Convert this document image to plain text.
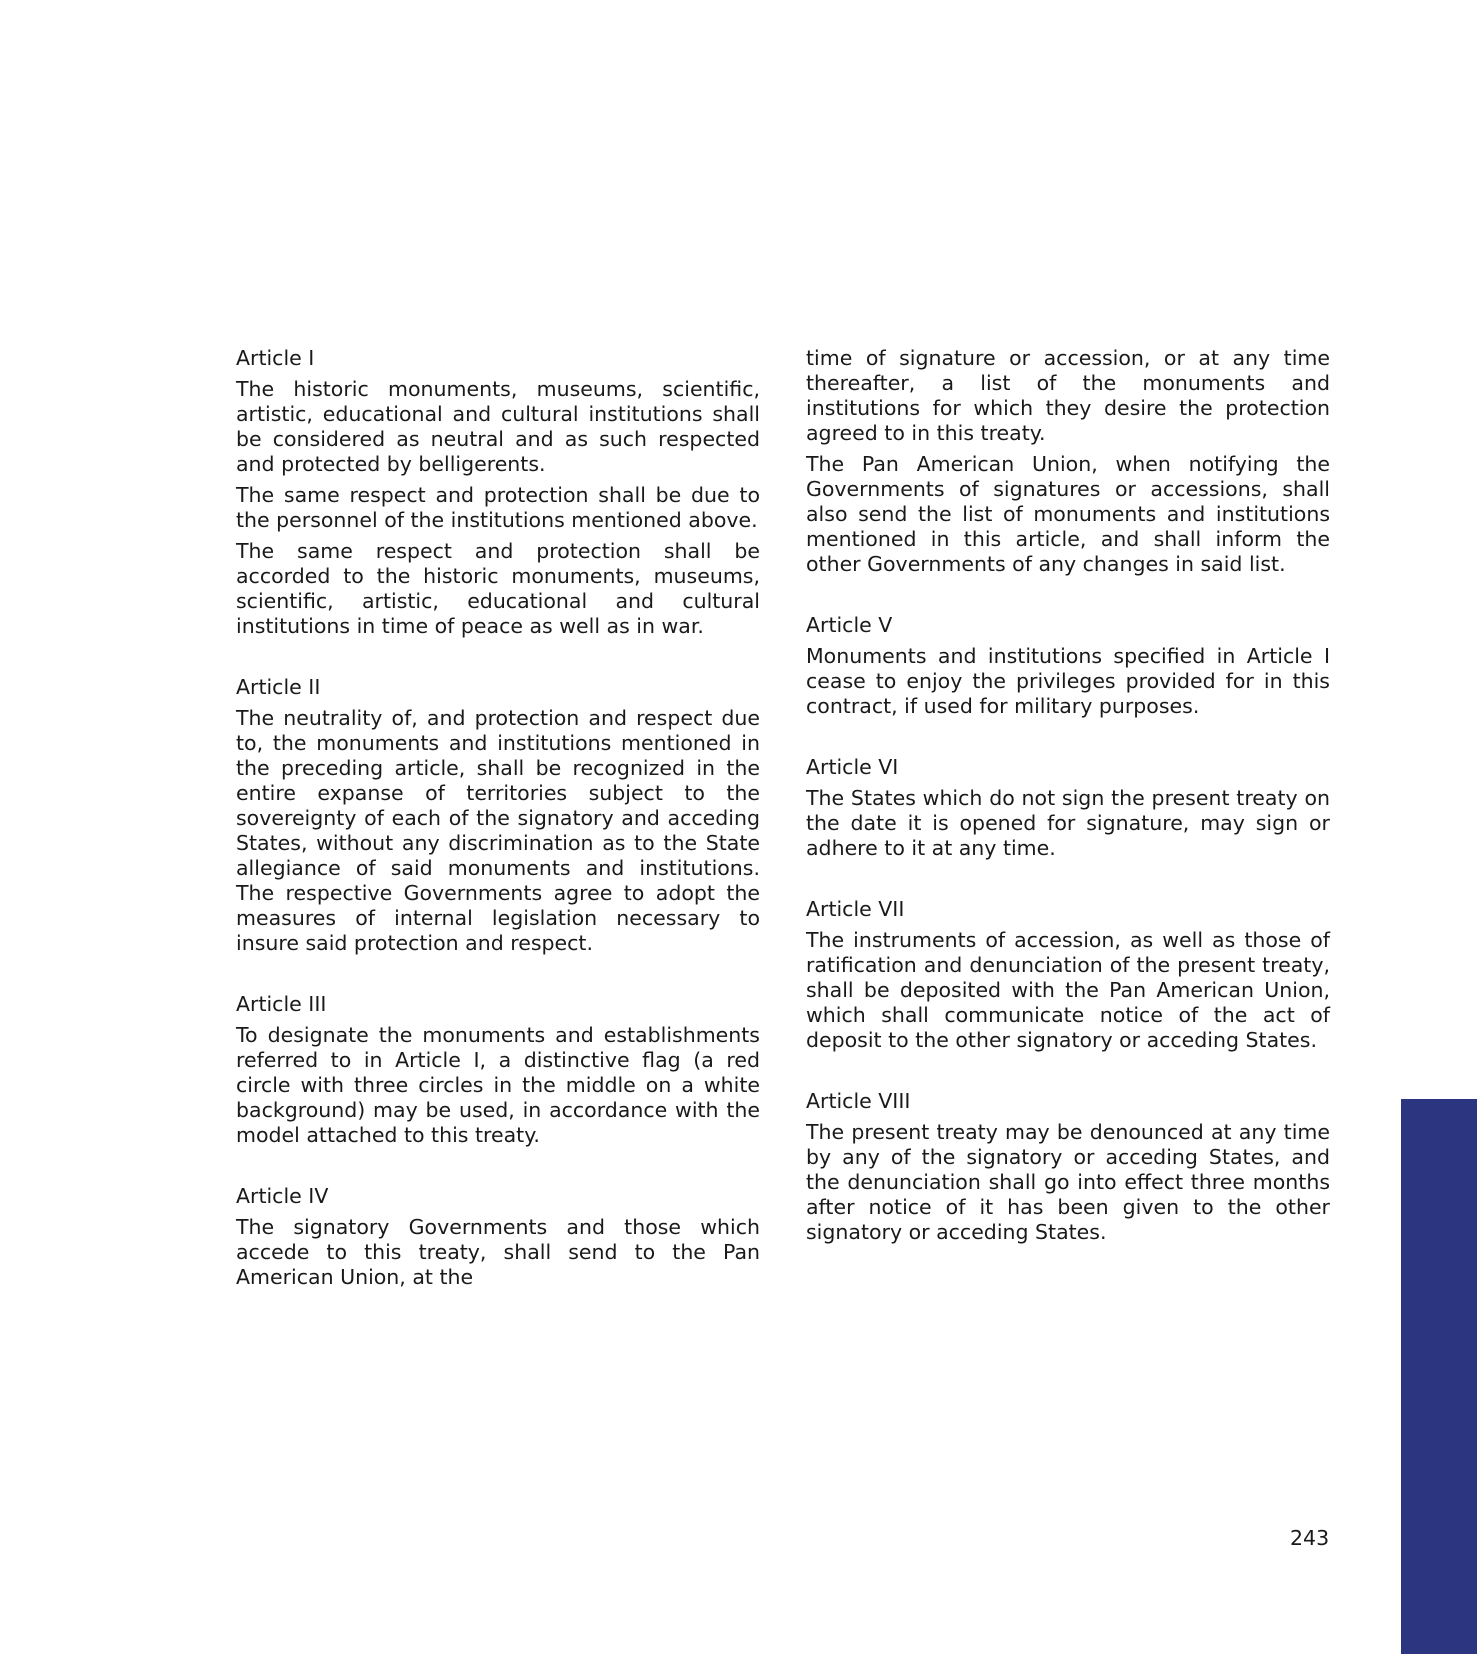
Article I

The historic monuments, museums, scientific, artistic, educational and cultural institutions shall be considered as neutral and as such respected and protected by belligerents.

The same respect and protection shall be due to the personnel of the institutions mentioned above.

The same respect and protection shall be accorded to the historic monuments, museums, scientific, artistic, educational and cultural institutions in time of peace as well as in war.

Article II

The neutrality of, and protection and respect due to, the monuments and institutions mentioned in the preceding article, shall be recognized in the entire expanse of territories subject to the sovereignty of each of the signatory and acceding States, without any discrimination as to the State allegiance of said monuments and institutions. The respective Governments agree to adopt the measures of internal legislation necessary to insure said protection and respect.

Article III

To designate the monuments and establishments referred to in Article I, a distinctive flag (a red circle with three circles in the middle on a white background) may be used, in accordance with the model attached to this treaty.

Article IV

The signatory Governments and those which accede to this treaty, shall send to the Pan American Union, at the

time of signature or accession, or at any time thereafter, a list of the monuments and institutions for which they desire the protection agreed to in this treaty.

The Pan American Union, when notifying the Governments of signatures or accessions, shall also send the list of monuments and institutions mentioned in this article, and shall inform the other Governments of any changes in said list.

Article V

Monuments and institutions specified in Article I cease to enjoy the privileges provided for in this contract, if used for military purposes.

Article VI

The States which do not sign the present treaty on the date it is opened for signature, may sign or adhere to it at any time.

Article VII

The instruments of accession, as well as those of ratification and denunciation of the present treaty, shall be deposited with the Pan American Union, which shall communicate notice of the act of deposit to the other signatory or acceding States.

Article VIII

The present treaty may be denounced at any time by any of the signatory or acceding States, and the denunciation shall go into effect three months after notice of it has been given to the other signatory or acceding States.

243
